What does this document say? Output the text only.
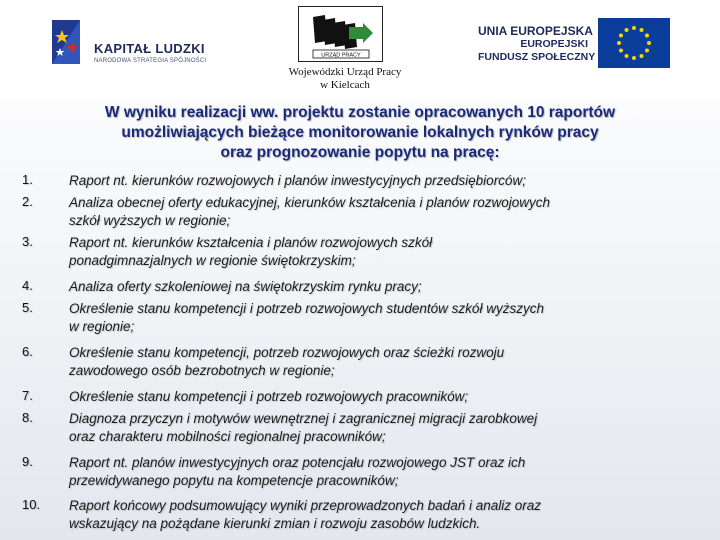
KAPITAŁ LUDZKI
NARODOWA STRATEGIA SPÓJNOŚCI
URZĄD PRACY
Wojewódzki Urząd Pracy
w Kielcach
UNIA EUROPEJSKA
EUROPEJSKI
FUNDUSZ SPOŁECZNY
W wyniku realizacji ww. projektu zostanie opracowanych 10 raportów
umożliwiających bieżące monitorowanie lokalnych rynków pracy
oraz prognozowanie popytu na pracę:
1.	Raport nt. kierunków rozwojowych i planów inwestycyjnych przedsiębiorców;
2.	Analiza obecnej oferty edukacyjnej, kierunków kształcenia i planów rozwojowych
szkół wyższych w regionie;
3.	Raport nt. kierunków kształcenia i planów rozwojowych szkół
ponadgimnazjalnych w regionie świętokrzyskim;
4.	Analiza oferty szkoleniowej na świętokrzyskim rynku pracy;
5.	Określenie stanu kompetencji i potrzeb rozwojowych studentów szkół wyższych
w regionie;
6.	Określenie stanu kompetencji, potrzeb rozwojowych oraz ścieżki rozwoju
zawodowego osób bezrobotnych w regionie;
7.	Określenie stanu kompetencji i potrzeb rozwojowych pracowników;
8.	Diagnoza przyczyn i motywów wewnętrznej i zagranicznej migracji zarobkowej
oraz charakteru mobilności regionalnej pracowników;
9.	Raport nt. planów inwestycyjnych oraz potencjału rozwojowego JST oraz ich
przewidywanego popytu na kompetencje pracowników;
10.	Raport końcowy podsumowujący wyniki przeprowadzonych badań i analiz oraz
wskazujący na pożądane kierunki zmian i rozwoju zasobów ludzkich.
